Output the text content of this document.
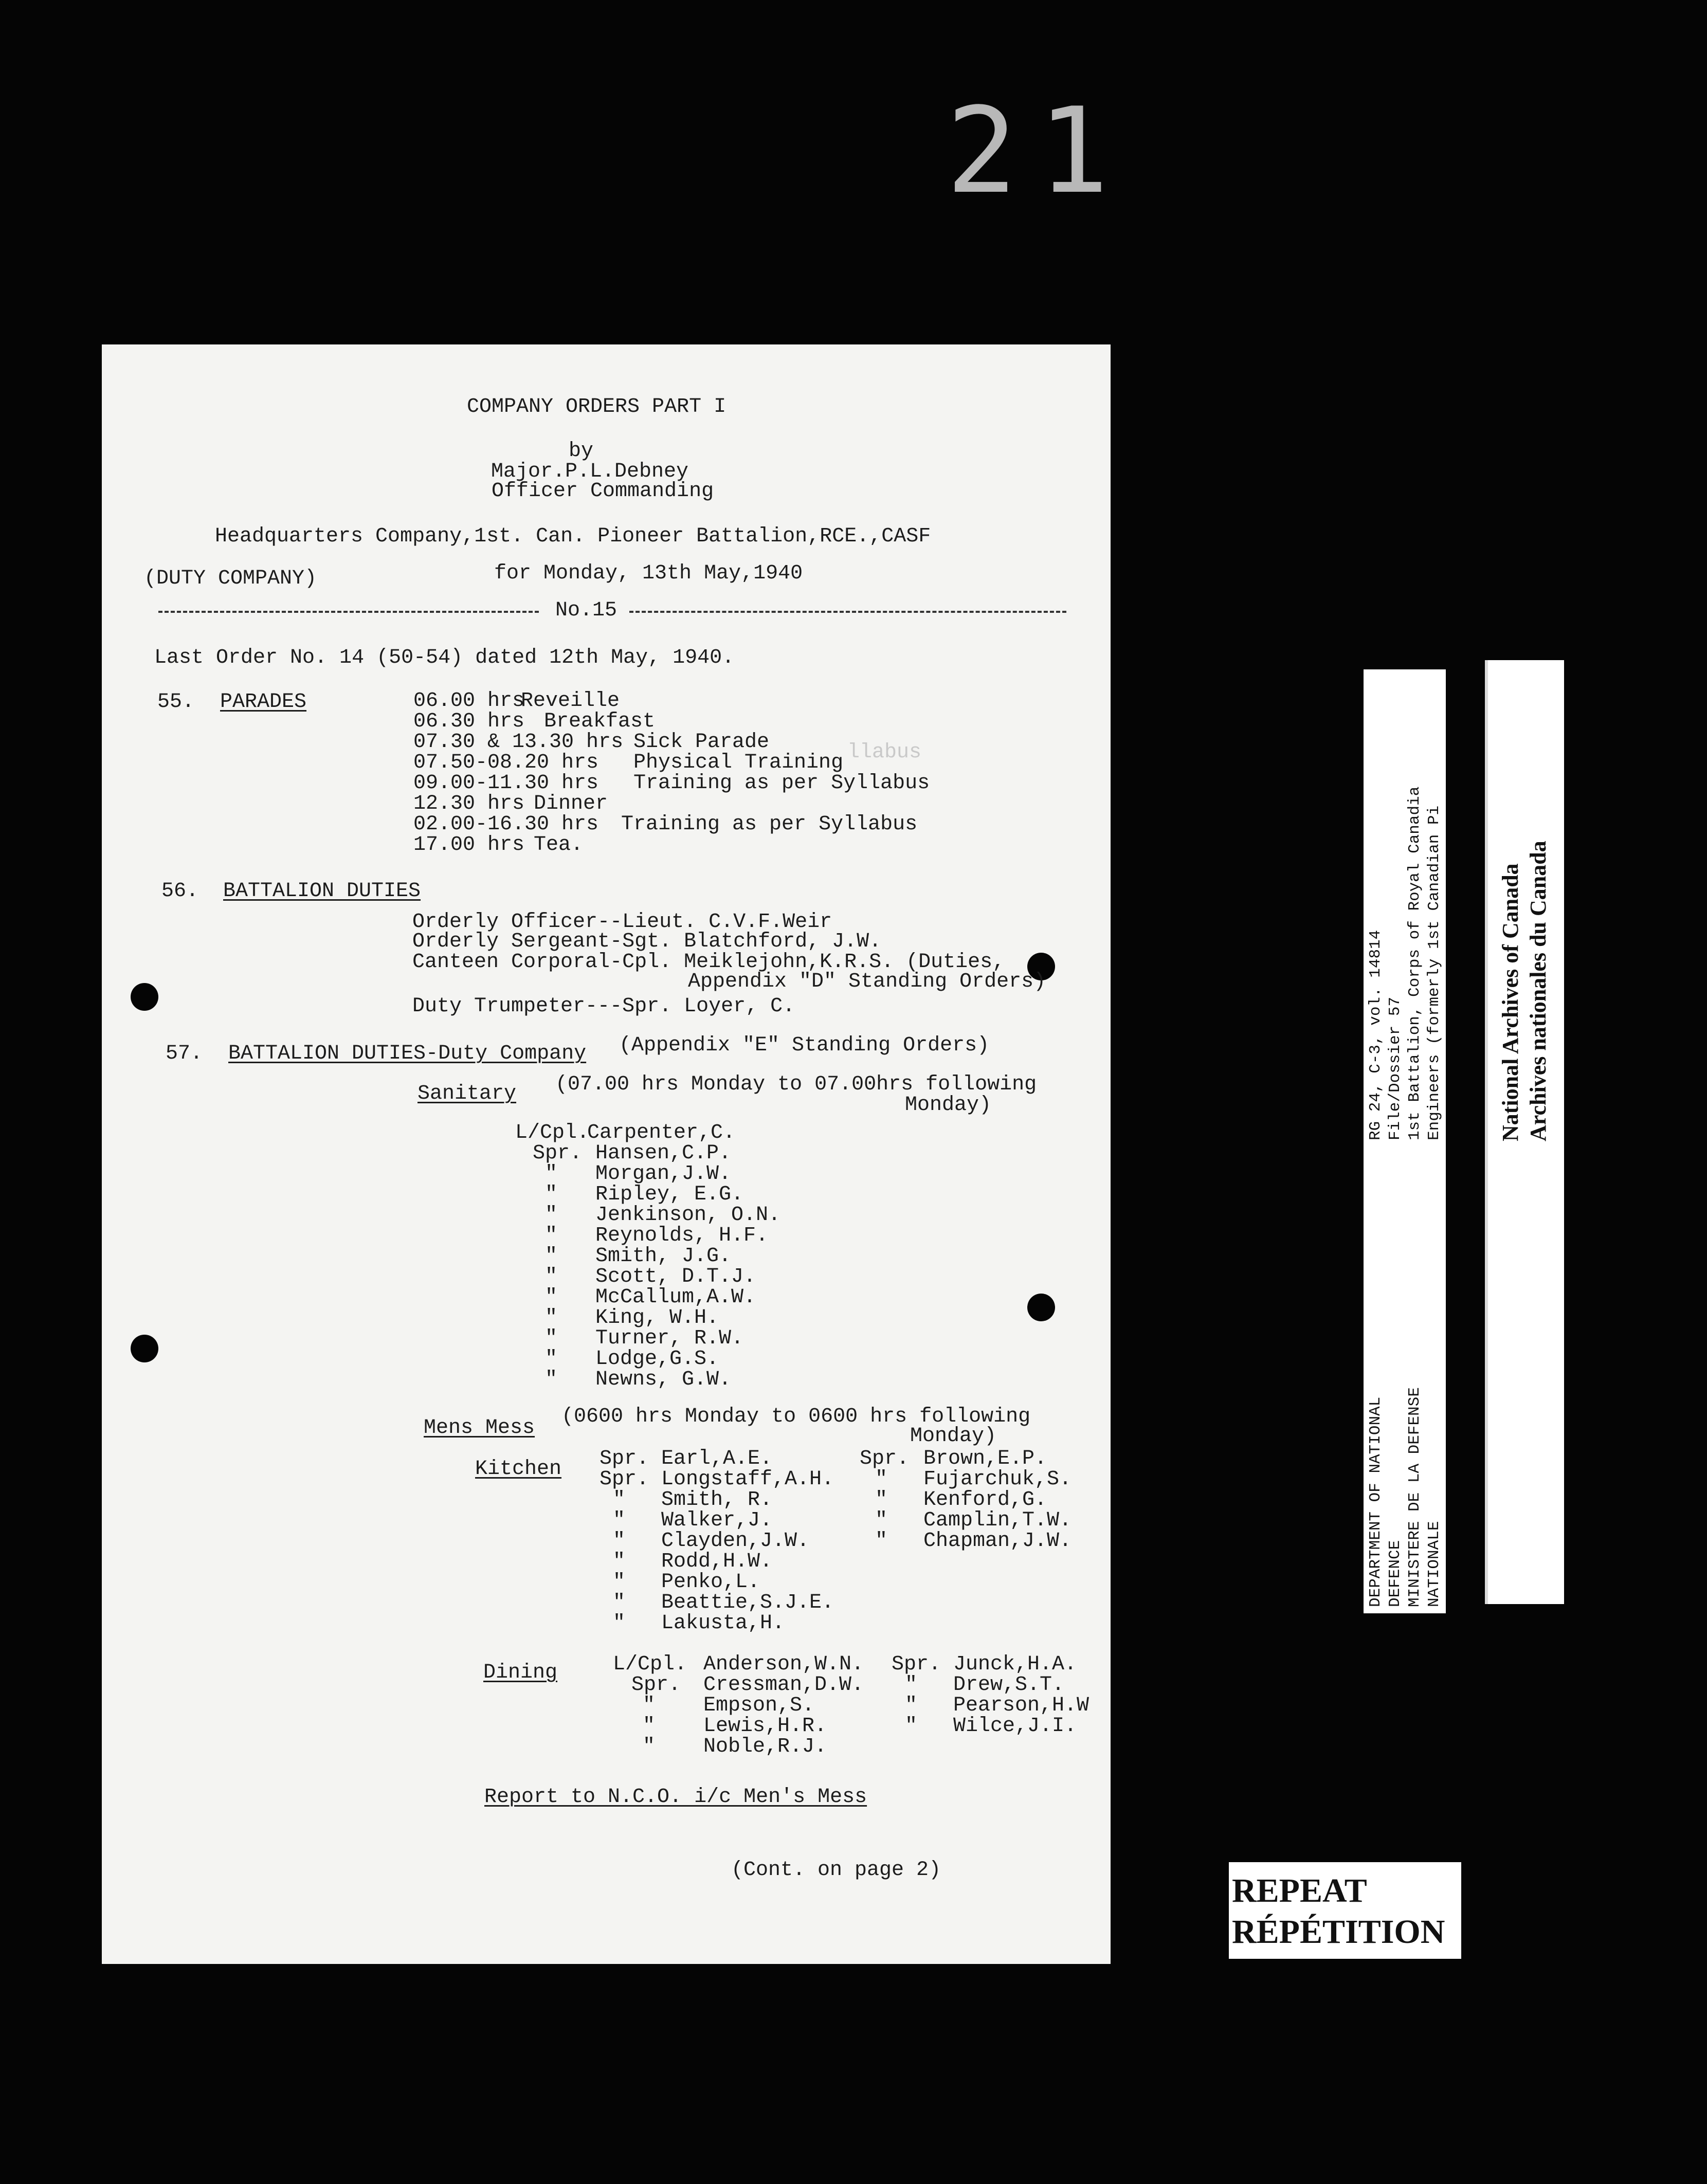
21
COMPANY ORDERS PART I
by
Major.P.L.Debney
Officer Commanding
Headquarters Company,1st. Can. Pioneer Battalion,RCE.,CASF
(DUTY COMPANY)	for Monday, 13th May,1940
No.15
Last Order No. 14 (50-54) dated 12th May, 1940.
55. PARADES
llabus
56. BATTALION DUTIES
Orderly Officer--Lieut. C.V.F.Weir
Orderly Sergeant-Sgt. Blatchford, J.W.
Canteen Corporal-Cpl. Meiklejohn,K.R.S. (Duties,
Appendix "D" Standing Orders)
Duty Trumpeter---Spr. Loyer, C.
57. BATTALION DUTIES-Duty Company (Appendix "E" Standing Orders)
Sanitary (07.00 hrs Monday to 07.00hrs following
Monday)
Mens Mess (0600 hrs Monday to 0600 hrs following
Monday)
Kitchen
Dining
Report to N.C.O. i/c Men's Mess
(Cont. on page 2)
06.00 hrs
Reveille
06.30 hrs Breakfast
07.30 & 13.30 hrs Sick Parade
07.50-08.20 hrs Physical Training
09.00-11.30 hrs Training as per Syllabus
12.30 hrs Dinner
02.00-16.30 hrs Training as per Syllabus
17.00 hrs Tea.
L/Cpl.
Carpenter,C.
Spr. Hansen,C.P.
" Morgan,J.W.
" Ripley, E.G.
" Jenkinson, O.N.
" Reynolds, H.F.
" Smith, J.G.
" Scott, D.T.J.
" McCallum,A.W.
" King, W.H.
" Turner, R.W.
" Lodge,G.S.
" Newns, G.W.
Spr. Earl,A.E.
Spr. Longstaff,A.H.
" Smith, R.
" Walker,J.
" Clayden,J.W.
" Rodd,H.W.
" Penko,L.
" Beattie,S.J.E.
" Lakusta,H.
Spr. Brown,E.P.
" Fujarchuk,S.
" Kenford,G.
" Camplin,T.W.
" Chapman,J.W.
L/Cpl. Anderson,W.N.
Spr. Cressman,D.W.
" Empson,S.
" Lewis,H.R.
" Noble,R.J.
Spr. Junck,H.A.
" Drew,S.T.
" Pearson,H.W
" Wilce,J.I.
DEPARTMENT OF NATIONAL DEFENCE MINISTERE DE LA DEFENSE NATIONALE
RG 24, C-3, vol. 14814 File/Dossier 57 1st Battalion, Corps of Royal Canadia Engineers (formerly 1st Canadian Pi National Archives of Canada Archives nationales du Canada
REPEAT
RÉPÉTITION
